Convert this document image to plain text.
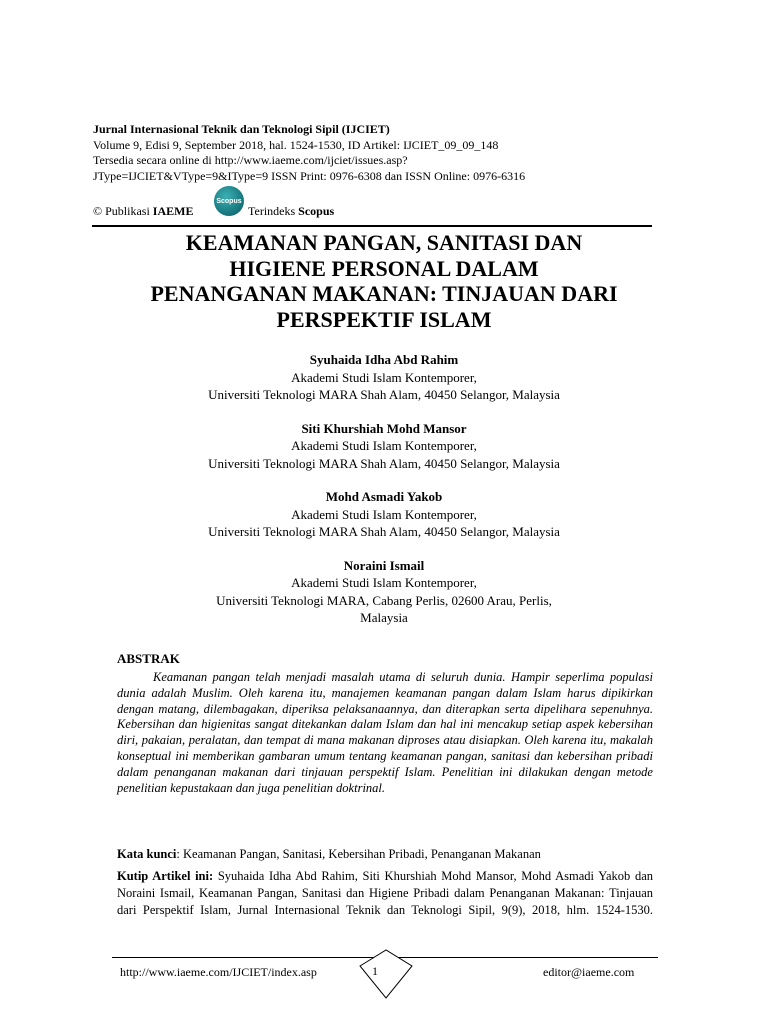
Jurnal Internasional Teknik dan Teknologi Sipil (IJCIET)
Volume 9, Edisi 9, September 2018, hal. 1524-1530, ID Artikel: IJCIET_09_09_148
Tersedia secara online di http://www.iaeme.com/ijciet/issues.asp?
JType=IJCIET&VType=9&IType=9 ISSN Print: 0976-6308 dan ISSN Online: 0976-6316
© Publikasi IAEME
Scopus
Terindeks Scopus
KEAMANAN PANGAN, SANITASI DAN
HIGIENE PERSONAL DALAM
PENANGANAN MAKANAN: TINJAUAN DARI
PERSPEKTIF ISLAM
Syuhaida Idha Abd Rahim
Akademi Studi Islam Kontemporer,
Universiti Teknologi MARA Shah Alam, 40450 Selangor, Malaysia
Siti Khurshiah Mohd Mansor
Akademi Studi Islam Kontemporer,
Universiti Teknologi MARA Shah Alam, 40450 Selangor, Malaysia
Mohd Asmadi Yakob
Akademi Studi Islam Kontemporer,
Universiti Teknologi MARA Shah Alam, 40450 Selangor, Malaysia
Noraini Ismail
Akademi Studi Islam Kontemporer,
Universiti Teknologi MARA, Cabang Perlis, 02600 Arau, Perlis,
Malaysia
ABSTRAK
Keamanan pangan telah menjadi masalah utama di seluruh dunia. Hampir seperlima populasi dunia adalah Muslim. Oleh karena itu, manajemen keamanan pangan dalam Islam harus dipikirkan dengan matang, dilembagakan, diperiksa pelaksanaannya, dan diterapkan serta dipelihara sepenuhnya. Kebersihan dan higienitas sangat ditekankan dalam Islam dan hal ini mencakup setiap aspek kebersihan diri, pakaian, peralatan, dan tempat di mana makanan diproses atau disiapkan. Oleh karena itu, makalah konseptual ini memberikan gambaran umum tentang keamanan pangan, sanitasi dan kebersihan pribadi dalam penanganan makanan dari tinjauan perspektif Islam. Penelitian ini dilakukan dengan metode penelitian kepustakaan dan juga penelitian doktrinal.
Kata kunci: Keamanan Pangan, Sanitasi, Kebersihan Pribadi, Penanganan Makanan
Kutip Artikel ini: Syuhaida Idha Abd Rahim, Siti Khurshiah Mohd Mansor, Mohd Asmadi Yakob dan Noraini Ismail, Keamanan Pangan, Sanitasi dan Higiene Pribadi dalam Penanganan Makanan: Tinjauan dari Perspektif Islam, Jurnal Internasional Teknik dan Teknologi Sipil, 9(9), 2018, hlm. 1524-1530.
http://www.iaeme.com/IJCIET/index.asp	1	editor@iaeme.com
